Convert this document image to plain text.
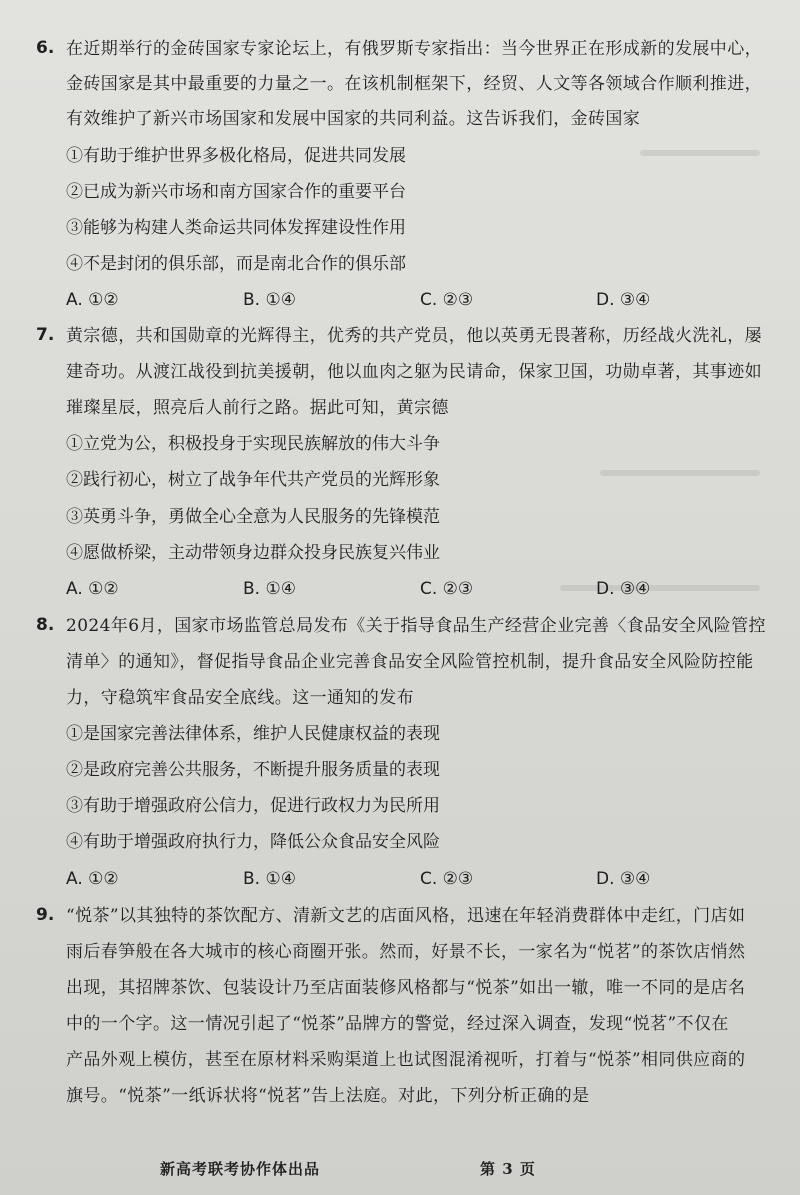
6. 在近期举行的金砖国家专家论坛上，有俄罗斯专家指出：当今世界正在形成新的发展中心，
金砖国家是其中最重要的力量之一。在该机制框架下，经贸、人文等各领域合作顺利推进，
有效维护了新兴市场国家和发展中国家的共同利益。这告诉我们，金砖国家
①有助于维护世界多极化格局，促进共同发展
②已成为新兴市场和南方国家合作的重要平台
③能够为构建人类命运共同体发挥建设性作用
④不是封闭的俱乐部，而是南北合作的俱乐部
A. ①②	B. ①④	C. ②③	D. ③④
7. 黄宗德，共和国勋章的光辉得主，优秀的共产党员，他以英勇无畏著称，历经战火洗礼，屡
建奇功。从渡江战役到抗美援朝，他以血肉之躯为民请命，保家卫国，功勋卓著，其事迹如
璀璨星辰，照亮后人前行之路。据此可知，黄宗德
①立党为公，积极投身于实现民族解放的伟大斗争
②践行初心，树立了战争年代共产党员的光辉形象
③英勇斗争，勇做全心全意为人民服务的先锋模范
④愿做桥梁，主动带领身边群众投身民族复兴伟业
A. ①②	B. ①④	C. ②③	D. ③④
8. 2024年6月，国家市场监管总局发布《关于指导食品生产经营企业完善〈食品安全风险管控
清单〉的通知》，督促指导食品企业完善食品安全风险管控机制，提升食品安全风险防控能
力，守稳筑牢食品安全底线。这一通知的发布
①是国家完善法律体系，维护人民健康权益的表现
②是政府完善公共服务，不断提升服务质量的表现
③有助于增强政府公信力，促进行政权力为民所用
④有助于增强政府执行力，降低公众食品安全风险
A. ①②	B. ①④	C. ②③	D. ③④
9. “悦茶”以其独特的茶饮配方、清新文艺的店面风格，迅速在年轻消费群体中走红，门店如
雨后春笋般在各大城市的核心商圈开张。然而，好景不长，一家名为“悦茗”的茶饮店悄然
出现，其招牌茶饮、包装设计乃至店面装修风格都与“悦茶”如出一辙，唯一不同的是店名
中的一个字。这一情况引起了“悦茶”品牌方的警觉，经过深入调查，发现“悦茗”不仅在
产品外观上模仿，甚至在原材料采购渠道上也试图混淆视听，打着与“悦茶”相同供应商的
旗号。“悦茶”一纸诉状将“悦茗”告上法庭。对此，下列分析正确的是
新高考联考协作体出品　　　　　　　　　　第 3 页
